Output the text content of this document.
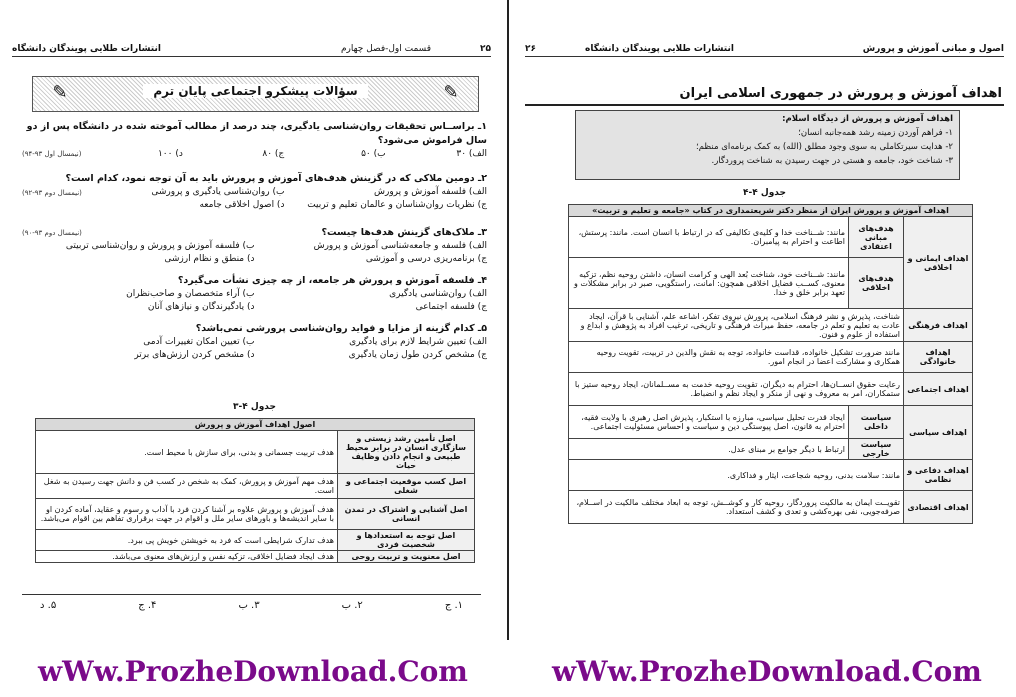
انتشارات طلایی پویندگان دانشگاه	قسمت اول-فصل چهارم	۲۵
✎	سؤالات پیشکرو اجتماعی پایان ترم	✎

۱ـ براســاس تحقیقات روان‌شناسی یادگیری، چند درصد از مطالب آموخته شده در دانشگاه پس از دو سال فراموش می‌شود؟

الف) ۳۰
ب) ۵۰
ج) ۸۰
د) ۱۰۰
(نیمسال اول ۹۳-۹۴)

۲ـ دومین ملاکی که در گزینش هدف‌های آموزش و پرورش باید به آن توجه نمود، کدام است؟
(نیمسال دوم ۹۳-۹۲)	الف) فلسفه آموزش و پرورش
ب) روان‌شناسی یادگیری و پرورشی
ج) نظریات روان‌شناسان و عالمان تعلیم و تربیت
د) اصول اخلاقی جامعه

۳ـ ملاک‌های گزینش هدف‌ها چیست؟
(نیمسال دوم ۹۳-۹۰)

الف) فلسفه و جامعه‌شناسی آموزش و پرورش
ب) فلسفه آموزش و پرورش و روان‌شناسی تربیتی
ج) برنامه‌ریزی درسی و آموزشی
د) منطق و نظام ارزشی

۴ـ فلسفه آموزش و پرورش هر جامعه، از چه چیزی نشأت می‌گیرد؟

الف) روان‌شناسی یادگیری
ب) آراء متخصصان و صاحب‌نظران
ج) فلسفه اجتماعی
د) یادگیرندگان و نیازهای آنان

۵ـ کدام گزینه از مزایا و فواید روان‌شناسی پرورشی نمی‌باشد؟

الف) تعیین شرایط لازم برای یادگیری
ب) تعیین امکان تغییرات آدمی
ج) مشخص کردن طول زمان یادگیری
د) مشخص کردن ارزش‌های برتر
جدول ۴-۳
اصول اهداف آموزش و پرورش	
اصل تأمین رشد زیستی و سازگاری انسان در برابر محیط طبیعی و انجام دادن وظایف حیات	هدف تربیت جسمانی و بدنی، برای سازش با محیط است.
اصل کسب موقعیت اجتماعی و شغلی	هدف مهم آموزش و پرورش، کمک به شخص در کسب فن و دانش جهت رسیدن به شغل است.
اصل آشنایی و اشتراک در تمدن انسانی	هدف آموزش و پرورش علاوه بر آشنا کردن فرد با آداب و رسوم و عقاید، آماده کردن او با سایر اندیشه‌ها و باورهای سایر ملل و اقوام در جهت برقراری تفاهم بین اقوام می‌باشد.
اصل توجه به استعدادها و شخصیت فردی	هدف تدارک شرایطی است که فرد به خویشتن خویش پی ببرد.
اصل معنویت و تربیت روحی	هدف ایجاد فضایل اخلاقی، تزکیه نفس و ارزش‌های معنوی می‌باشد.
۱. ج
۲. ب
۳. ب
۴. ج
۵. د
۲۶	انتشارات طلایی پویندگان دانشگاه	اصول و مبانی آموزش و پرورش
اهداف آموزش و پرورش در جمهوری اسلامی ایران
اهداف آموزش و پرورش از دیدگاه اسلام:
۱- فراهم آوردن زمینه رشد همه‌جانبه انسان؛
۲- هدایت سیرتکاملی به سوی وجود مطلق (الله) به کمک برنامه‌ای منظم؛
۳- شناخت خود، جامعه و هستی در جهت رسیدن به شناخت پروردگار.
جدول ۴-۴
اهداف آموزش و پرورش ایران از منظر دکتر شریعتمداری در کتاب «جامعه و تعلیم و تربیت»		
اهداف ایمانی و اخلاقی	هدف‌های مبانی اعتقادی	مانند: شــناخت خدا و کلیه‌ی تکالیفی که در ارتباط با انسان است. مانند: پرستش، اطاعت و احترام به پیامبران.
	هدف‌های اخلاقی	مانند: شــناخت خود، شناخت بُعد الهی و کرامت انسان، داشتن روحیه نظم، تزکیه معنوی، کســب فضایل اخلاقی همچون: امانت، راستگویی، صبر در برابر مشکلات و تعهد برابر خلق و خدا.
اهداف فرهنگی	شناخت، پذیرش و نشر فرهنگ اسلامی، پرورش نیروی تفکر، اشاعه علم، آشنایی با قرآن، ایجاد عادت به تعلیم و تعلم در جامعه، حفظ میراث فرهنگی و تاریخی، ترغیب افراد به پژوهش و ابداع و استفاده از علوم و فنون.	
اهداف خانوادگی	مانند ضرورت تشکیل خانواده، قداست خانواده، توجه به نقش والدین در تربیت، تقویت روحیه همکاری و مشارکت اعضا در انجام امور.	
اهداف اجتماعی	رعایت حقوق انســان‌ها، احترام به دیگران، تقویت روحیه خدمت به مســلمانان، ایجاد روحیه ستیز با ستمکاران، امر به معروف و نهی از منکر و ایجاد نظم و انضباط.	
اهداف سیاسی	سیاست داخلی	ایجاد قدرت تحلیل سیاسی، مبارزه با استکبار، پذیرش اصل رهبری با ولایت فقیه، احترام به قانون، اصل پیوستگی دین و سیاست و احساس مسئولیت اجتماعی.
	سیاست خارجی	ارتباط با دیگر جوامع بر مبنای عدل.
اهداف دفاعی و نظامی	مانند: سلامت بدنی، روحیه شجاعت، ایثار و فداکاری.	
اهداف اقتصادی	تقویــت ایمان به مالکیت پروردگار، روحیه کار و کوشــش، توجه به ابعاد مختلف مالکیت در اســلام، صرفه‌جویی، نفی بهره‌کشی و تعدی و کشف استعداد.	
wWw.ProzheDownload.Com	wWw.ProzheDownload.Com
